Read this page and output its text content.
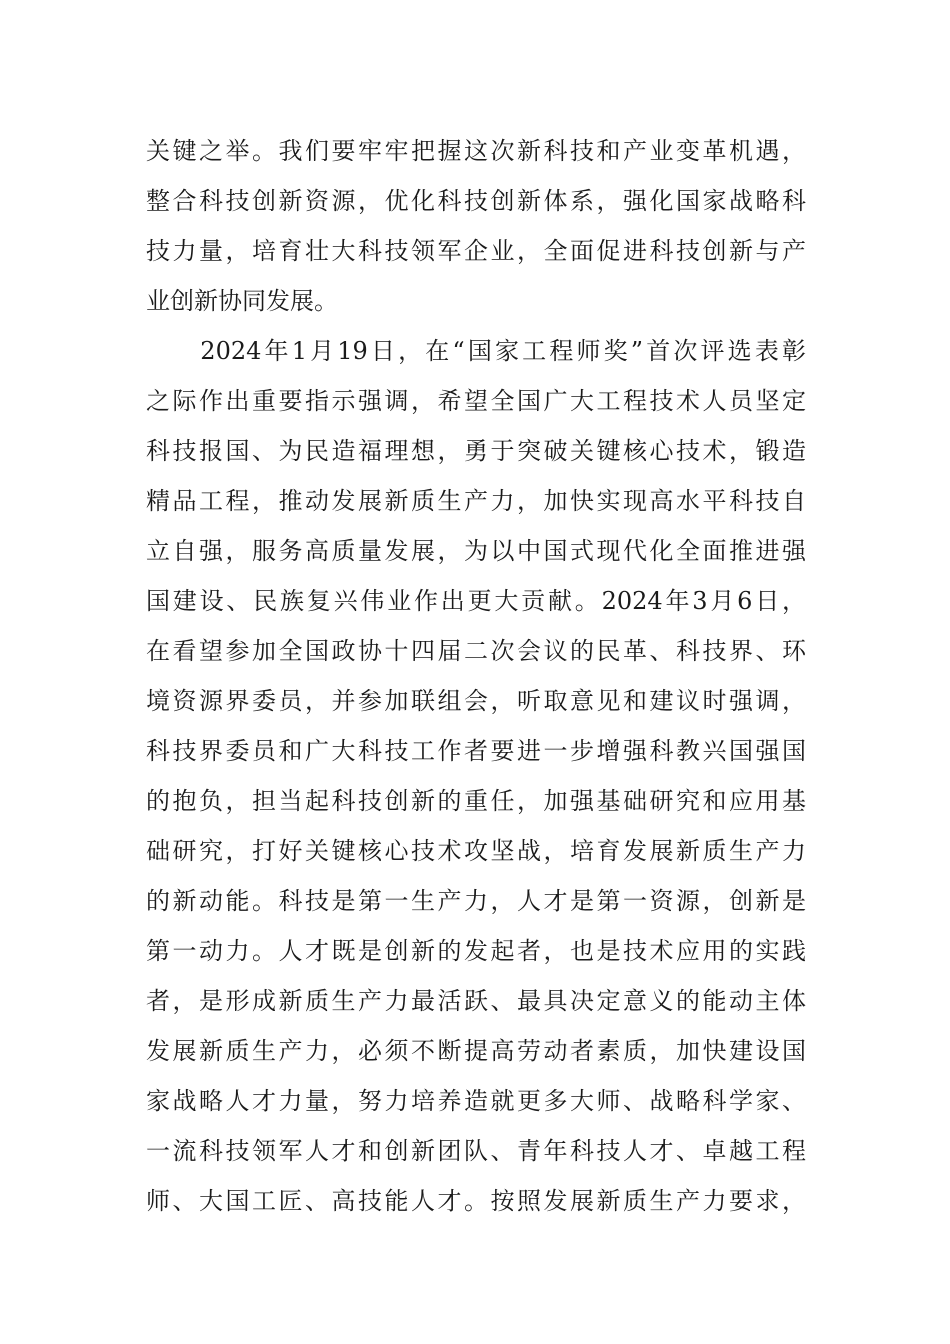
关键之举。我们要牢牢把握这次新科技和产业变革机遇，
整合科技创新资源，优化科技创新体系，强化国家战略科
技力量，培育壮大科技领军企业，全面促进科技创新与产
业创新协同发展。
　　2024年1月19日，在“国家工程师奖”首次评选表彰
之际作出重要指示强调，希望全国广大工程技术人员坚定
科技报国、为民造福理想，勇于突破关键核心技术，锻造
精品工程，推动发展新质生产力，加快实现高水平科技自
立自强，服务高质量发展，为以中国式现代化全面推进强
国建设、民族复兴伟业作出更大贡献。2024年3月6日，
在看望参加全国政协十四届二次会议的民革、科技界、环
境资源界委员，并参加联组会，听取意见和建议时强调，
科技界委员和广大科技工作者要进一步增强科教兴国强国
的抱负，担当起科技创新的重任，加强基础研究和应用基
础研究，打好关键核心技术攻坚战，培育发展新质生产力
的新动能。科技是第一生产力，人才是第一资源，创新是
第一动力。人才既是创新的发起者，也是技术应用的实践
者，是形成新质生产力最活跃、最具决定意义的能动主体
发展新质生产力，必须不断提高劳动者素质，加快建设国
家战略人才力量，努力培养造就更多大师、战略科学家、
一流科技领军人才和创新团队、青年科技人才、卓越工程
师、大国工匠、高技能人才。按照发展新质生产力要求，
